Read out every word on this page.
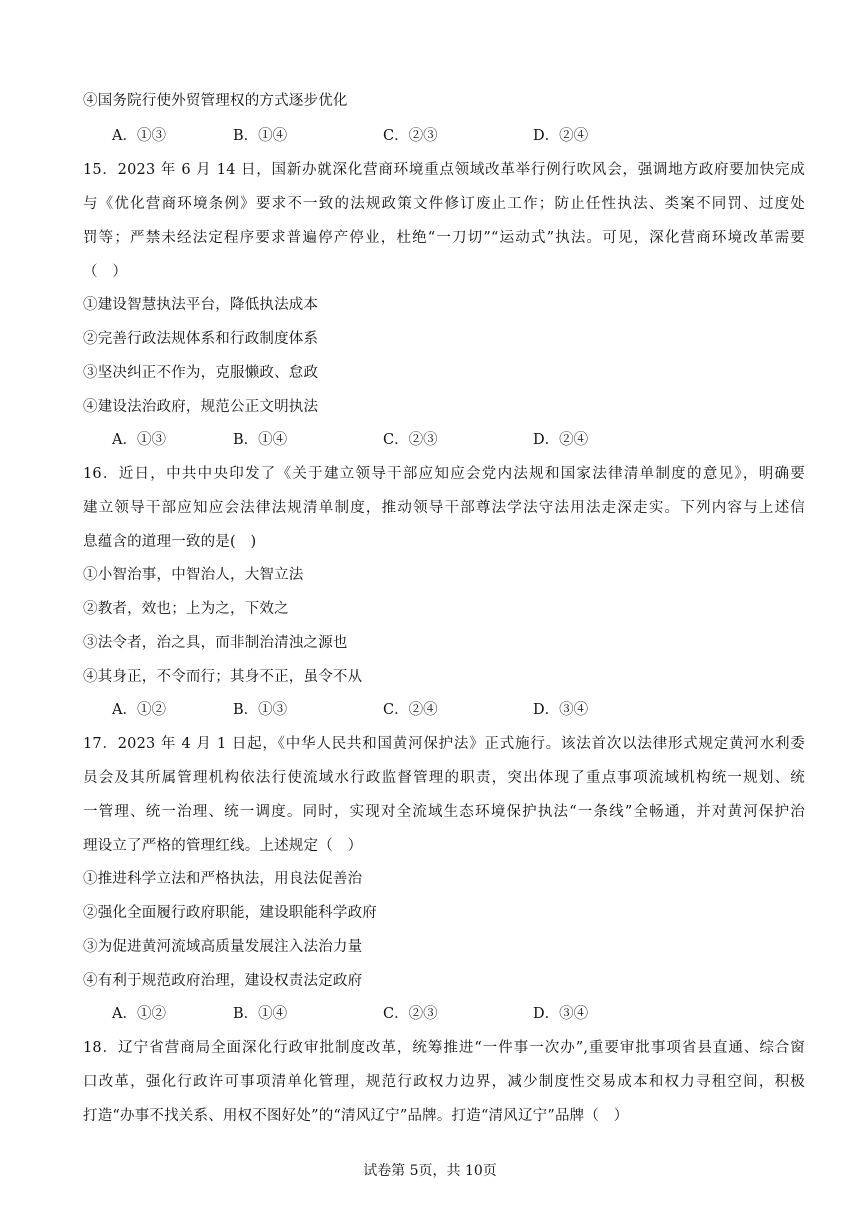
④国务院行使外贸管理权的方式逐步优化
A．①③	B．①④	C．②③	D．②④
15．2023 年 6 月 14 日，国新办就深化营商环境重点领域改革举行例行吹风会，强调地方政府要加快完成
与《优化营商环境条例》要求不一致的法规政策文件修订废止工作；防止任性执法、类案不同罚、过度处
罚等；严禁未经法定程序要求普遍停产停业，杜绝“一刀切”“运动式”执法。可见，深化营商环境改革需要
（　）
①建设智慧执法平台，降低执法成本
②完善行政法规体系和行政制度体系
③坚决纠正不作为，克服懒政、怠政
④建设法治政府，规范公正文明执法
A．①③	B．①④	C．②③	D．②④
16．近日，中共中央印发了《关于建立领导干部应知应会党内法规和国家法律清单制度的意见》，明确要
建立领导干部应知应会法律法规清单制度，推动领导干部尊法学法守法用法走深走实。下列内容与上述信
息蕴含的道理一致的是(　)
①小智治事，中智治人，大智立法
②教者，效也；上为之，下效之
③法令者，治之具，而非制治清浊之源也
④其身正，不令而行；其身不正，虽令不从
A．①②	B．①③	C．②④	D．③④
17．2023 年 4 月 1 日起，《中华人民共和国黄河保护法》正式施行。该法首次以法律形式规定黄河水利委
员会及其所属管理机构依法行使流域水行政监督管理的职责，突出体现了重点事项流域机构统一规划、统
一管理、统一治理、统一调度。同时，实现对全流域生态环境保护执法“一条线”全畅通，并对黄河保护治
理设立了严格的管理红线。上述规定（　）
①推进科学立法和严格执法，用良法促善治
②强化全面履行政府职能，建设职能科学政府
③为促进黄河流域高质量发展注入法治力量
④有利于规范政府治理，建设权责法定政府
A．①②	B．①④	C．②③	D．③④
18．辽宁省营商局全面深化行政审批制度改革，统筹推进“一件事一次办”,重要审批事项省县直通、综合窗
口改革，强化行政许可事项清单化管理，规范行政权力边界，减少制度性交易成本和权力寻租空间，积极
打造“办事不找关系、用权不图好处”的“清风辽宁”品牌。打造“清风辽宁”品牌（　）
试卷第 5页，共 10页
